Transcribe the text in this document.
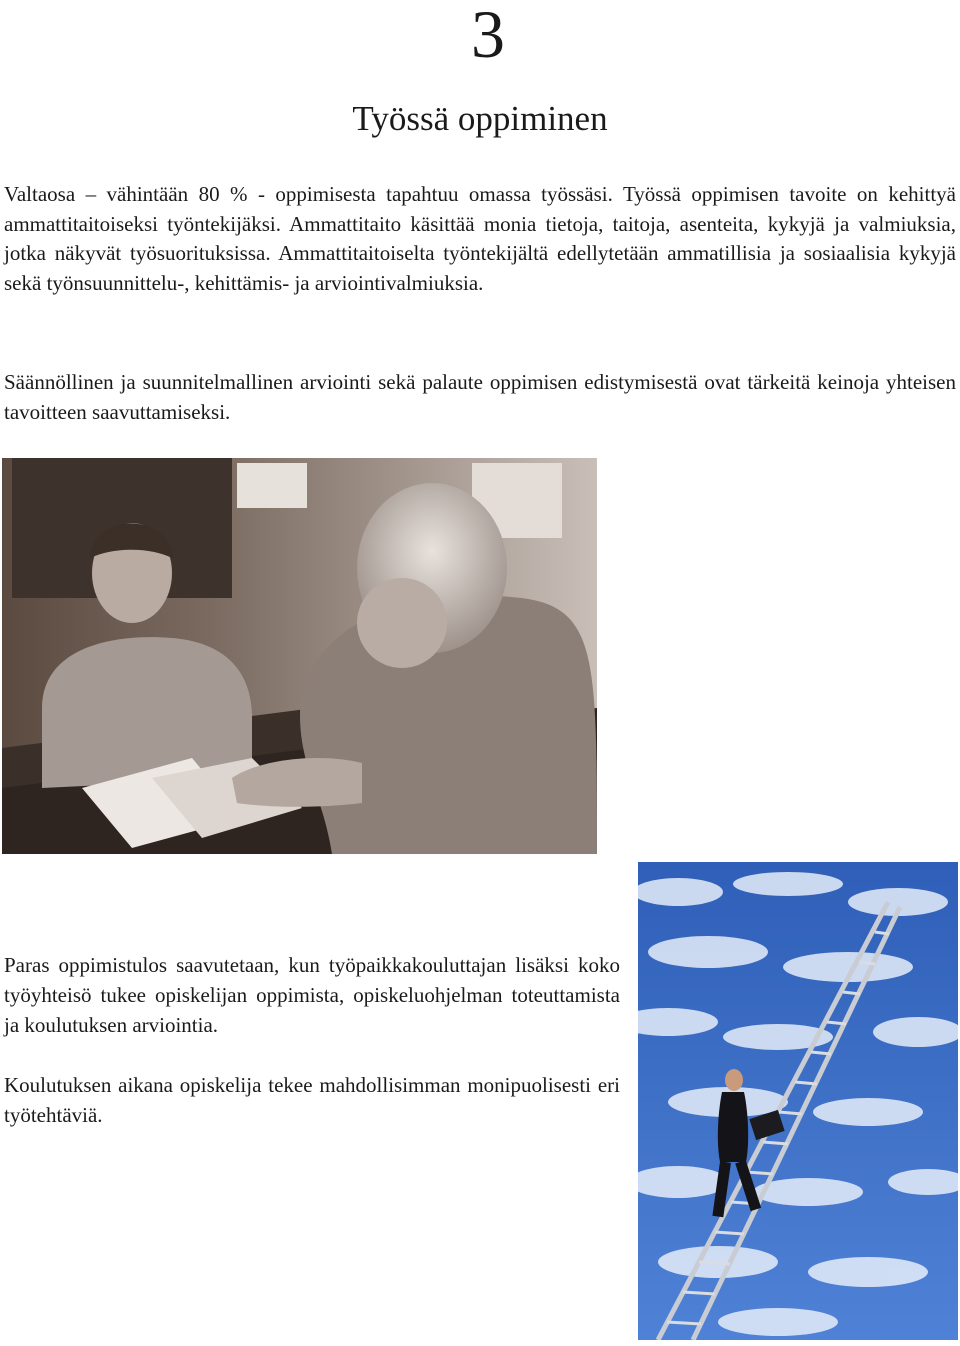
3
Työssä oppiminen

Valtaosa – vähintään 80 % - oppimisesta tapahtuu omassa työssäsi. Työssä oppimisen tavoite on kehittyä ammattitaitoiseksi työntekijäksi. Ammattitaito käsittää monia tietoja, taitoja, asenteita, kykyjä ja valmiuksia, jotka näkyvät työsuorituksissa. Ammattitaitoiselta työntekijältä edellytetään ammatillisia ja sosiaalisia kykyjä sekä työnsuunnittelu-, kehittämis- ja arviointivalmiuksia.

Säännöllinen ja suunnitelmallinen arviointi sekä palaute oppimisen edistymisestä ovat tärkeitä keinoja yhteisen tavoitteen saavuttamiseksi.

Paras oppimistulos saavutetaan, kun työpaikkakouluttajan lisäksi koko työyhteisö tukee opiskelijan oppimista, opiskeluohjelman toteuttamista ja koulutuksen arviointia.

Koulutuksen aikana opiskelija tekee mahdollisimman monipuolisesti eri työtehtäviä.
